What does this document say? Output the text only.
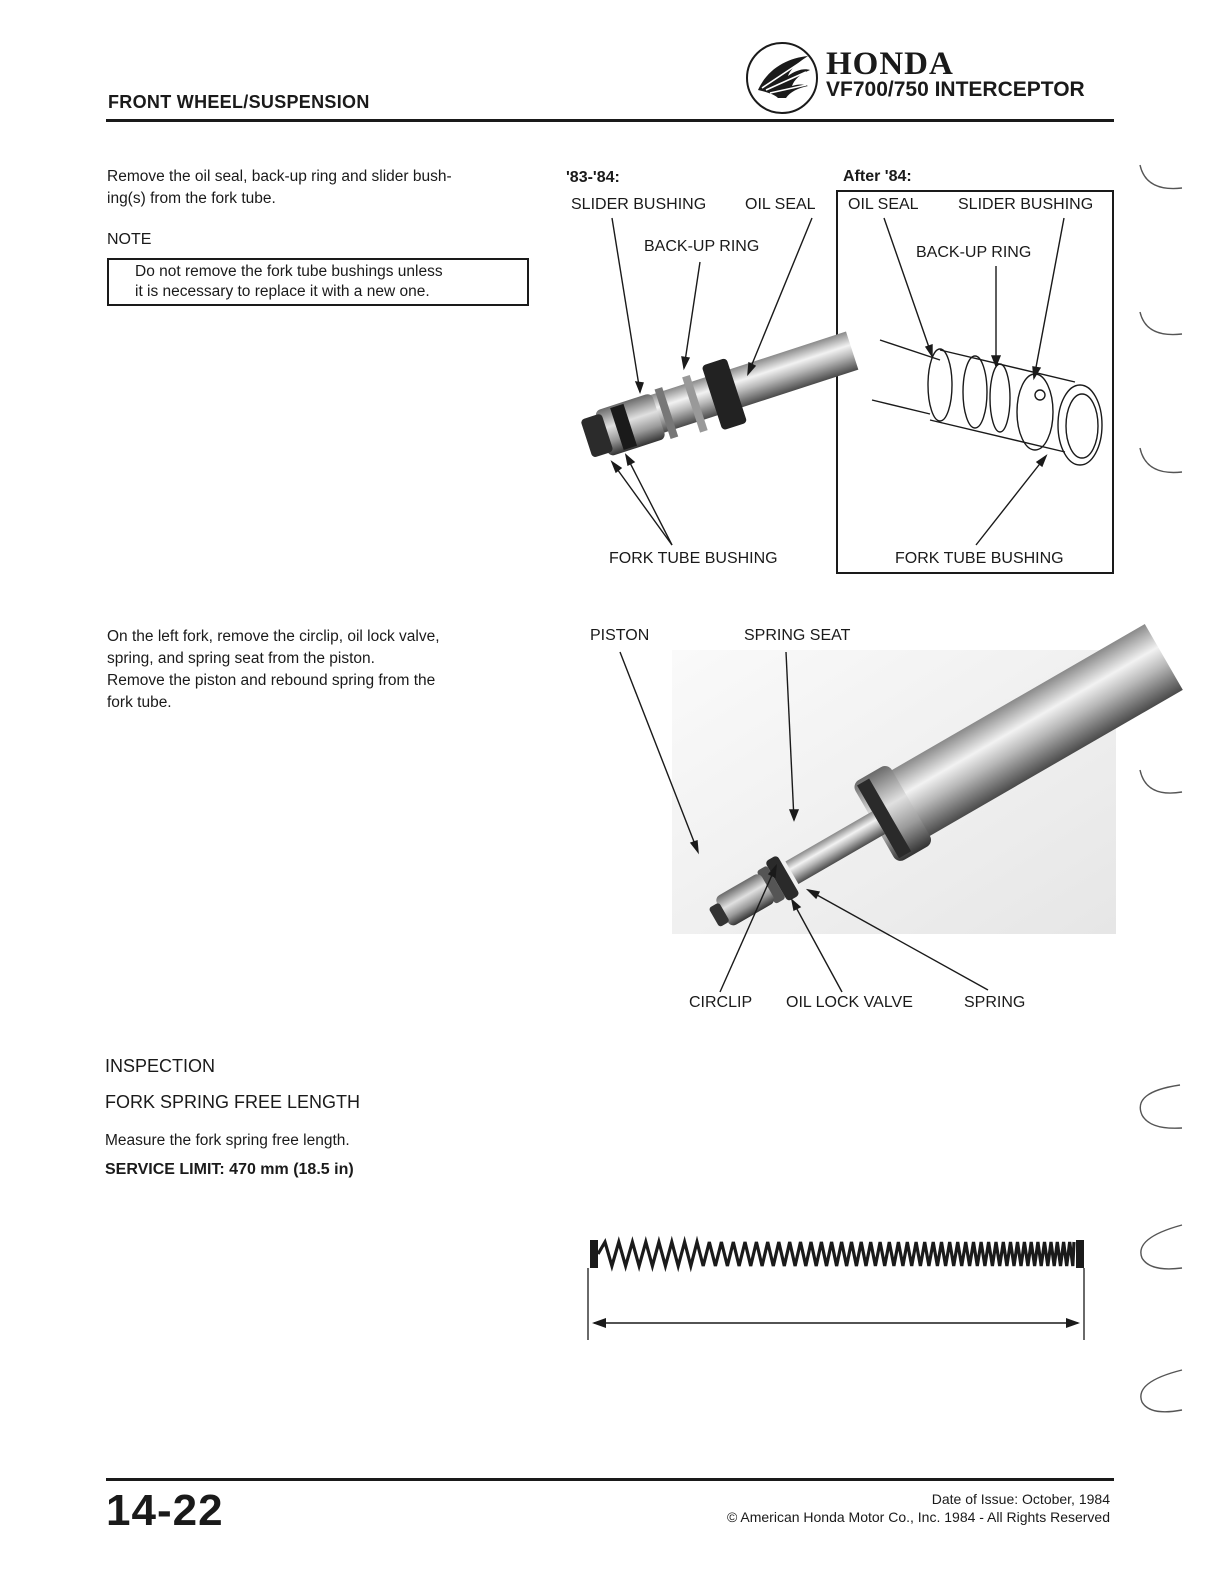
FRONT WHEEL/SUSPENSION
HONDA
VF700/750 INTERCEPTOR
Remove the oil seal, back-up ring and slider bush-
ing(s) from the fork tube.
NOTE
Do not remove the fork tube bushings unless
it is necessary to replace it with a new one.
'83-'84:	After '84:
SLIDER BUSHING OIL SEAL
BACK-UP RING
FORK TUBE BUSHING
OIL SEAL SLIDER BUSHING
BACK-UP RING
FORK TUBE BUSHING
PISTON	SPRING SEAT
CIRCLIP OIL LOCK VALVE	SPRING
On the left fork, remove the circlip, oil lock valve,
spring, and spring seat from the piston.
Remove the piston and rebound spring from the
fork tube.
INSPECTION
FORK SPRING FREE LENGTH
Measure the fork spring free length.
SERVICE LIMIT: 470 mm (18.5 in)
14-22	Date of Issue: October, 1984
© American Honda Motor Co., Inc. 1984 - All Rights Reserved
